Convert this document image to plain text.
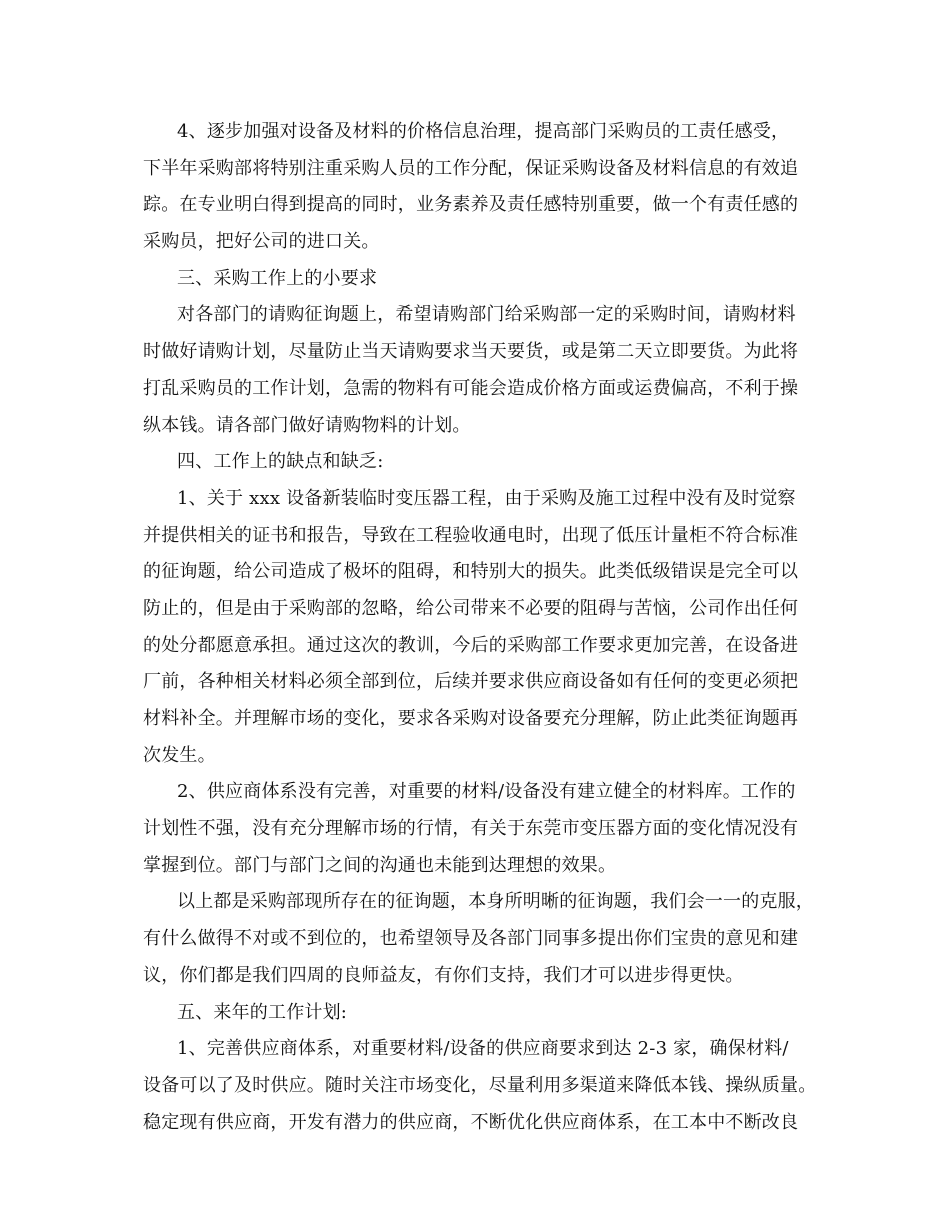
4、逐步加强对设备及材料的价格信息治理，提高部门采购员的工责任感受，
下半年采购部将特别注重采购人员的工作分配，保证采购设备及材料信息的有效追
踪。在专业明白得到提高的同时，业务素养及责任感特别重要，做一个有责任感的
采购员，把好公司的进口关。
三、采购工作上的小要求
对各部门的请购征询题上，希望请购部门给采购部一定的采购时间，请购材料
时做好请购计划，尽量防止当天请购要求当天要货，或是第二天立即要货。为此将
打乱采购员的工作计划，急需的物料有可能会造成价格方面或运费偏高，不利于操
纵本钱。请各部门做好请购物料的计划。
四、工作上的缺点和缺乏:
1、关于 xxx 设备新装临时变压器工程，由于采购及施工过程中没有及时觉察
并提供相关的证书和报告，导致在工程验收通电时，出现了低压计量柜不符合标准
的征询题，给公司造成了极坏的阻碍，和特别大的损失。此类低级错误是完全可以
防止的，但是由于采购部的忽略，给公司带来不必要的阻碍与苦恼，公司作出任何
的处分都愿意承担。通过这次的教训，今后的采购部工作要求更加完善，在设备进
厂前，各种相关材料必须全部到位，后续并要求供应商设备如有任何的变更必须把
材料补全。并理解市场的变化，要求各采购对设备要充分理解，防止此类征询题再
次发生。
2、供应商体系没有完善，对重要的材料/设备没有建立健全的材料库。工作的
计划性不强，没有充分理解市场的行情，有关于东莞市变压器方面的变化情况没有
掌握到位。部门与部门之间的沟通也未能到达理想的效果。
以上都是采购部现所存在的征询题，本身所明晰的征询题，我们会一一的克服，
有什么做得不对或不到位的，也希望领导及各部门同事多提出你们宝贵的意见和建
议，你们都是我们四周的良师益友，有你们支持，我们才可以进步得更快。
五、来年的工作计划:
1、完善供应商体系，对重要材料/设备的供应商要求到达 2-3 家，确保材料/
设备可以了及时供应。随时关注市场变化，尽量利用多渠道来降低本钱、操纵质量。
稳定现有供应商，开发有潜力的供应商，不断优化供应商体系，在工本中不断改良
